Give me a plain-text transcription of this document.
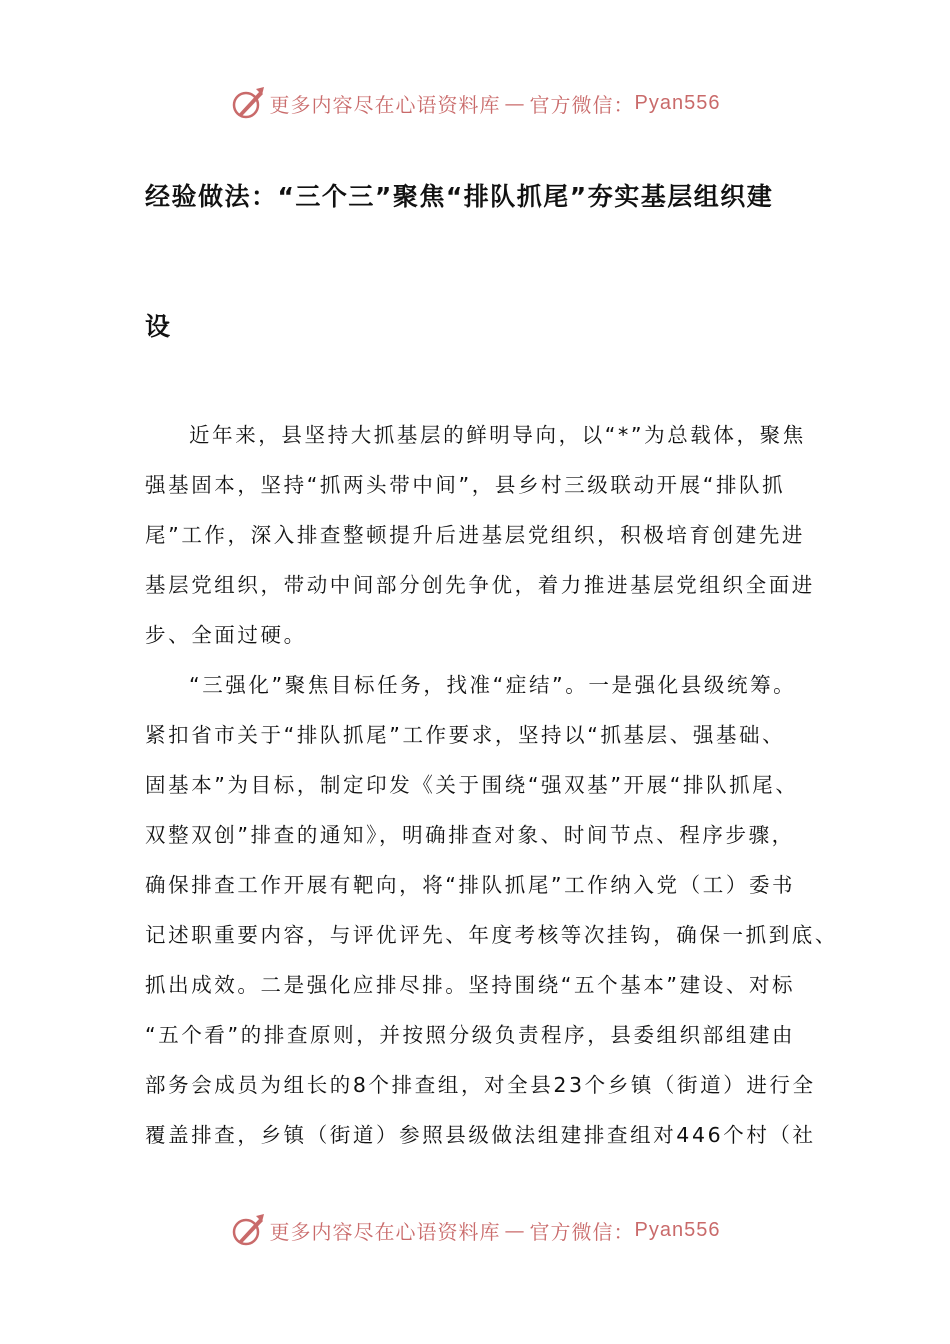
更多内容尽在心语资料库 — 官方微信： Pyan556
经验做法：“三个三”聚焦“排队抓尾”夯实基层组织建
设
近年来，县坚持大抓基层的鲜明导向，以“*”为总载体，聚焦
强基固本，坚持“抓两头带中间”，县乡村三级联动开展“排队抓
尾”工作，深入排查整顿提升后进基层党组织，积极培育创建先进
基层党组织，带动中间部分创先争优，着力推进基层党组织全面进
步、全面过硬。
“三强化”聚焦目标任务，找准“症结”。一是强化县级统筹。
紧扣省市关于“排队抓尾”工作要求，坚持以“抓基层、强基础、
固基本”为目标，制定印发《关于围绕“强双基”开展“排队抓尾、
双整双创”排查的通知》，明确排查对象、时间节点、程序步骤，
确保排查工作开展有靶向，将“排队抓尾”工作纳入党（工）委书
记述职重要内容，与评优评先、年度考核等次挂钩，确保一抓到底、
抓出成效。二是强化应排尽排。坚持围绕“五个基本”建设、对标
“五个看”的排查原则，并按照分级负责程序，县委组织部组建由
部务会成员为组长的8个排查组，对全县23个乡镇（街道）进行全
覆盖排查，乡镇（街道）参照县级做法组建排查组对446个村（社
更多内容尽在心语资料库 — 官方微信： Pyan556
